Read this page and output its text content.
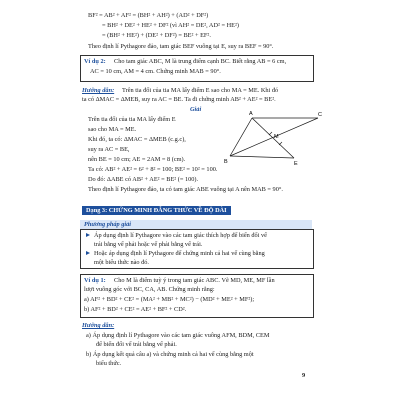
BF² = AB² + AF² = (BH² + AH²) + (AD² + DF²)
= BH² + DE² + HE² + DF² (vì AH² = DE², AD² = HE²)
= (BH² + HE²) + (DE² + DF²) = BE² + EF².
Theo định lí Pythagore đảo, tam giác BEF vuông tại E, suy ra BEF = 90°.
Ví dụ 2: Cho tam giác ABC, M là trung điểm cạnh BC. Biết rằng AB = 6 cm,
AC = 10 cm, AM = 4 cm. Chứng minh MAB = 90°.
Hướng dẫn: Trên tia đối của tia MA lấy điểm E sao cho MA = ME. Khi đó
ta có ΔMAC = ΔMEB, suy ra AC = BE. Ta đi chứng minh AB² + AE² = BE².
Giải
Trên tia đối của tia MA lấy điểm E
sao cho MA = ME.
Khi đó, ta có: ΔMAC = ΔMEB (c.g.c),
suy ra AC = BE,
nên BE = 10 cm; AE = 2AM = 8 (cm).
Ta có: AB² + AE² = 6² + 8² = 100; BE² = 10² = 100.
Do đó: ΔABE có AB² + AE² = BE² (= 100).
Theo định lí Pythagore đảo, ta có tam giác ABE vuông tại A nên MAB = 90°.
A
M
B
C
E
Dạng 3: CHỨNG MINH ĐẲNG THỨC VỀ ĐỘ DÀI
Phương pháp giải
Áp dụng định lí Pythagore vào các tam giác thích hợp để biến đổi vế
trái bằng vế phải hoặc vế phải bằng vế trái.
Hoặc áp dụng định lí Pythagore để chứng minh cả hai vế cùng bằng
một biểu thức nào đó.
Ví dụ 1: Cho M là điểm tuỳ ý trong tam giác ABC. Vẽ MD, ME, MF lần
lượt vuông góc với BC, CA, AB. Chứng minh rằng:
a) AF² + BD² + CE² = (MA² + MB² + MC²) − (MD² + ME² + MF²);
b) AF² + BD² + CE² = AE² + BF² + CD².
Hướng dẫn:
a) Áp dụng định lí Pythagore vào các tam giác vuông AFM, BDM, CEM
để biến đổi vế trái bằng vế phải.
b) Áp dụng kết quả câu a) và chứng minh cả hai vế cùng bằng một
biểu thức.
9
